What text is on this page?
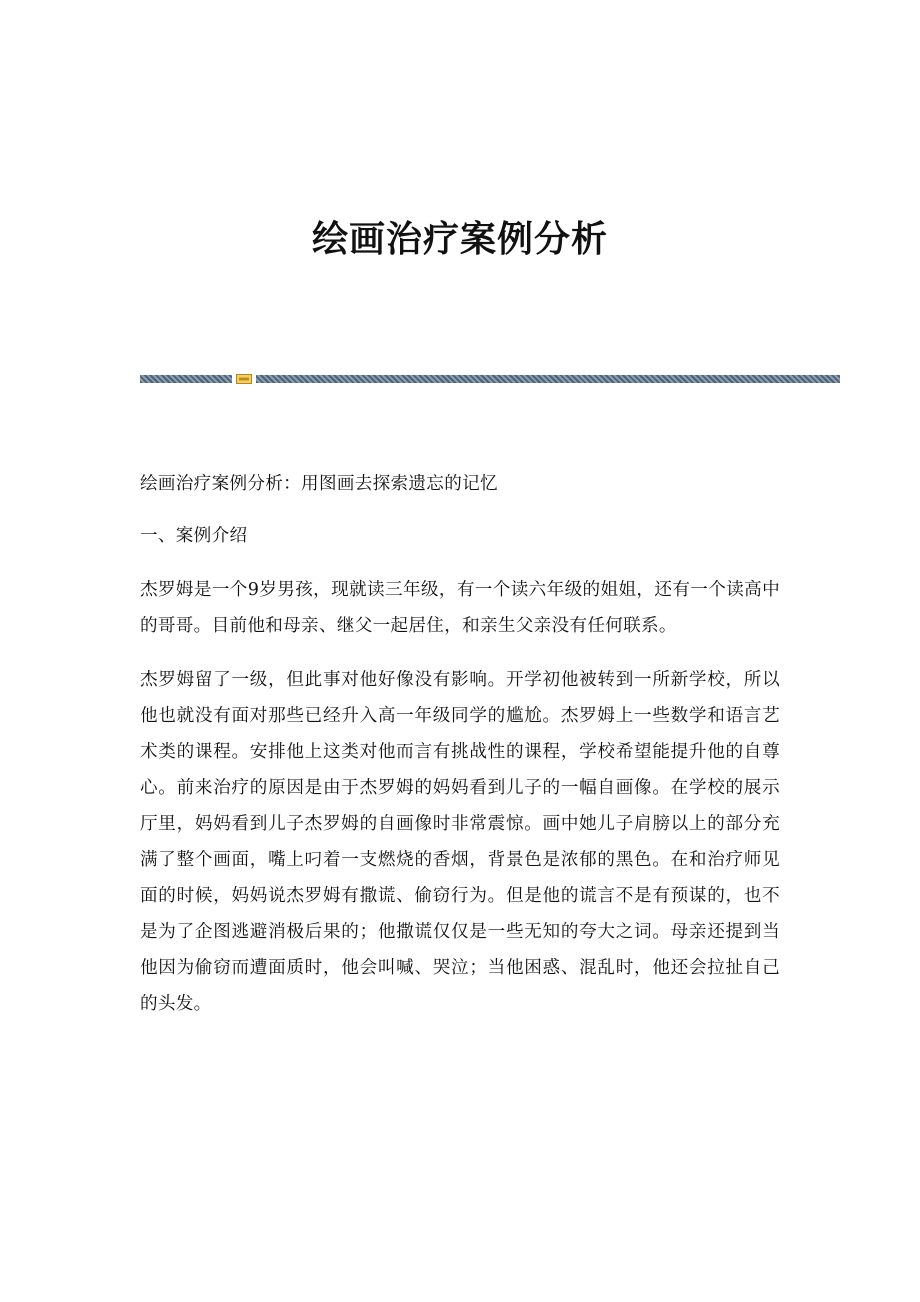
绘画治疗案例分析

绘画治疗案例分析：用图画去探索遗忘的记忆

一、案例介绍

杰罗姆是一个9岁男孩，现就读三年级，有一个读六年级的姐姐，还有一个读高中的哥哥。目前他和母亲、继父一起居住，和亲生父亲没有任何联系。

杰罗姆留了一级，但此事对他好像没有影响。开学初他被转到一所新学校，所以他也就没有面对那些已经升入高一年级同学的尴尬。杰罗姆上一些数学和语言艺术类的课程。安排他上这类对他而言有挑战性的课程，学校希望能提升他的自尊心。前来治疗的原因是由于杰罗姆的妈妈看到儿子的一幅自画像。在学校的展示厅里，妈妈看到儿子杰罗姆的自画像时非常震惊。画中她儿子肩膀以上的部分充满了整个画面，嘴上叼着一支燃烧的香烟，背景色是浓郁的黑色。在和治疗师见面的时候，妈妈说杰罗姆有撒谎、偷窃行为。但是他的谎言不是有预谋的，也不是为了企图逃避消极后果的；他撒谎仅仅是一些无知的夸大之词。母亲还提到当他因为偷窃而遭面质时，他会叫喊、哭泣；当他困惑、混乱时，他还会拉扯自己的头发。
